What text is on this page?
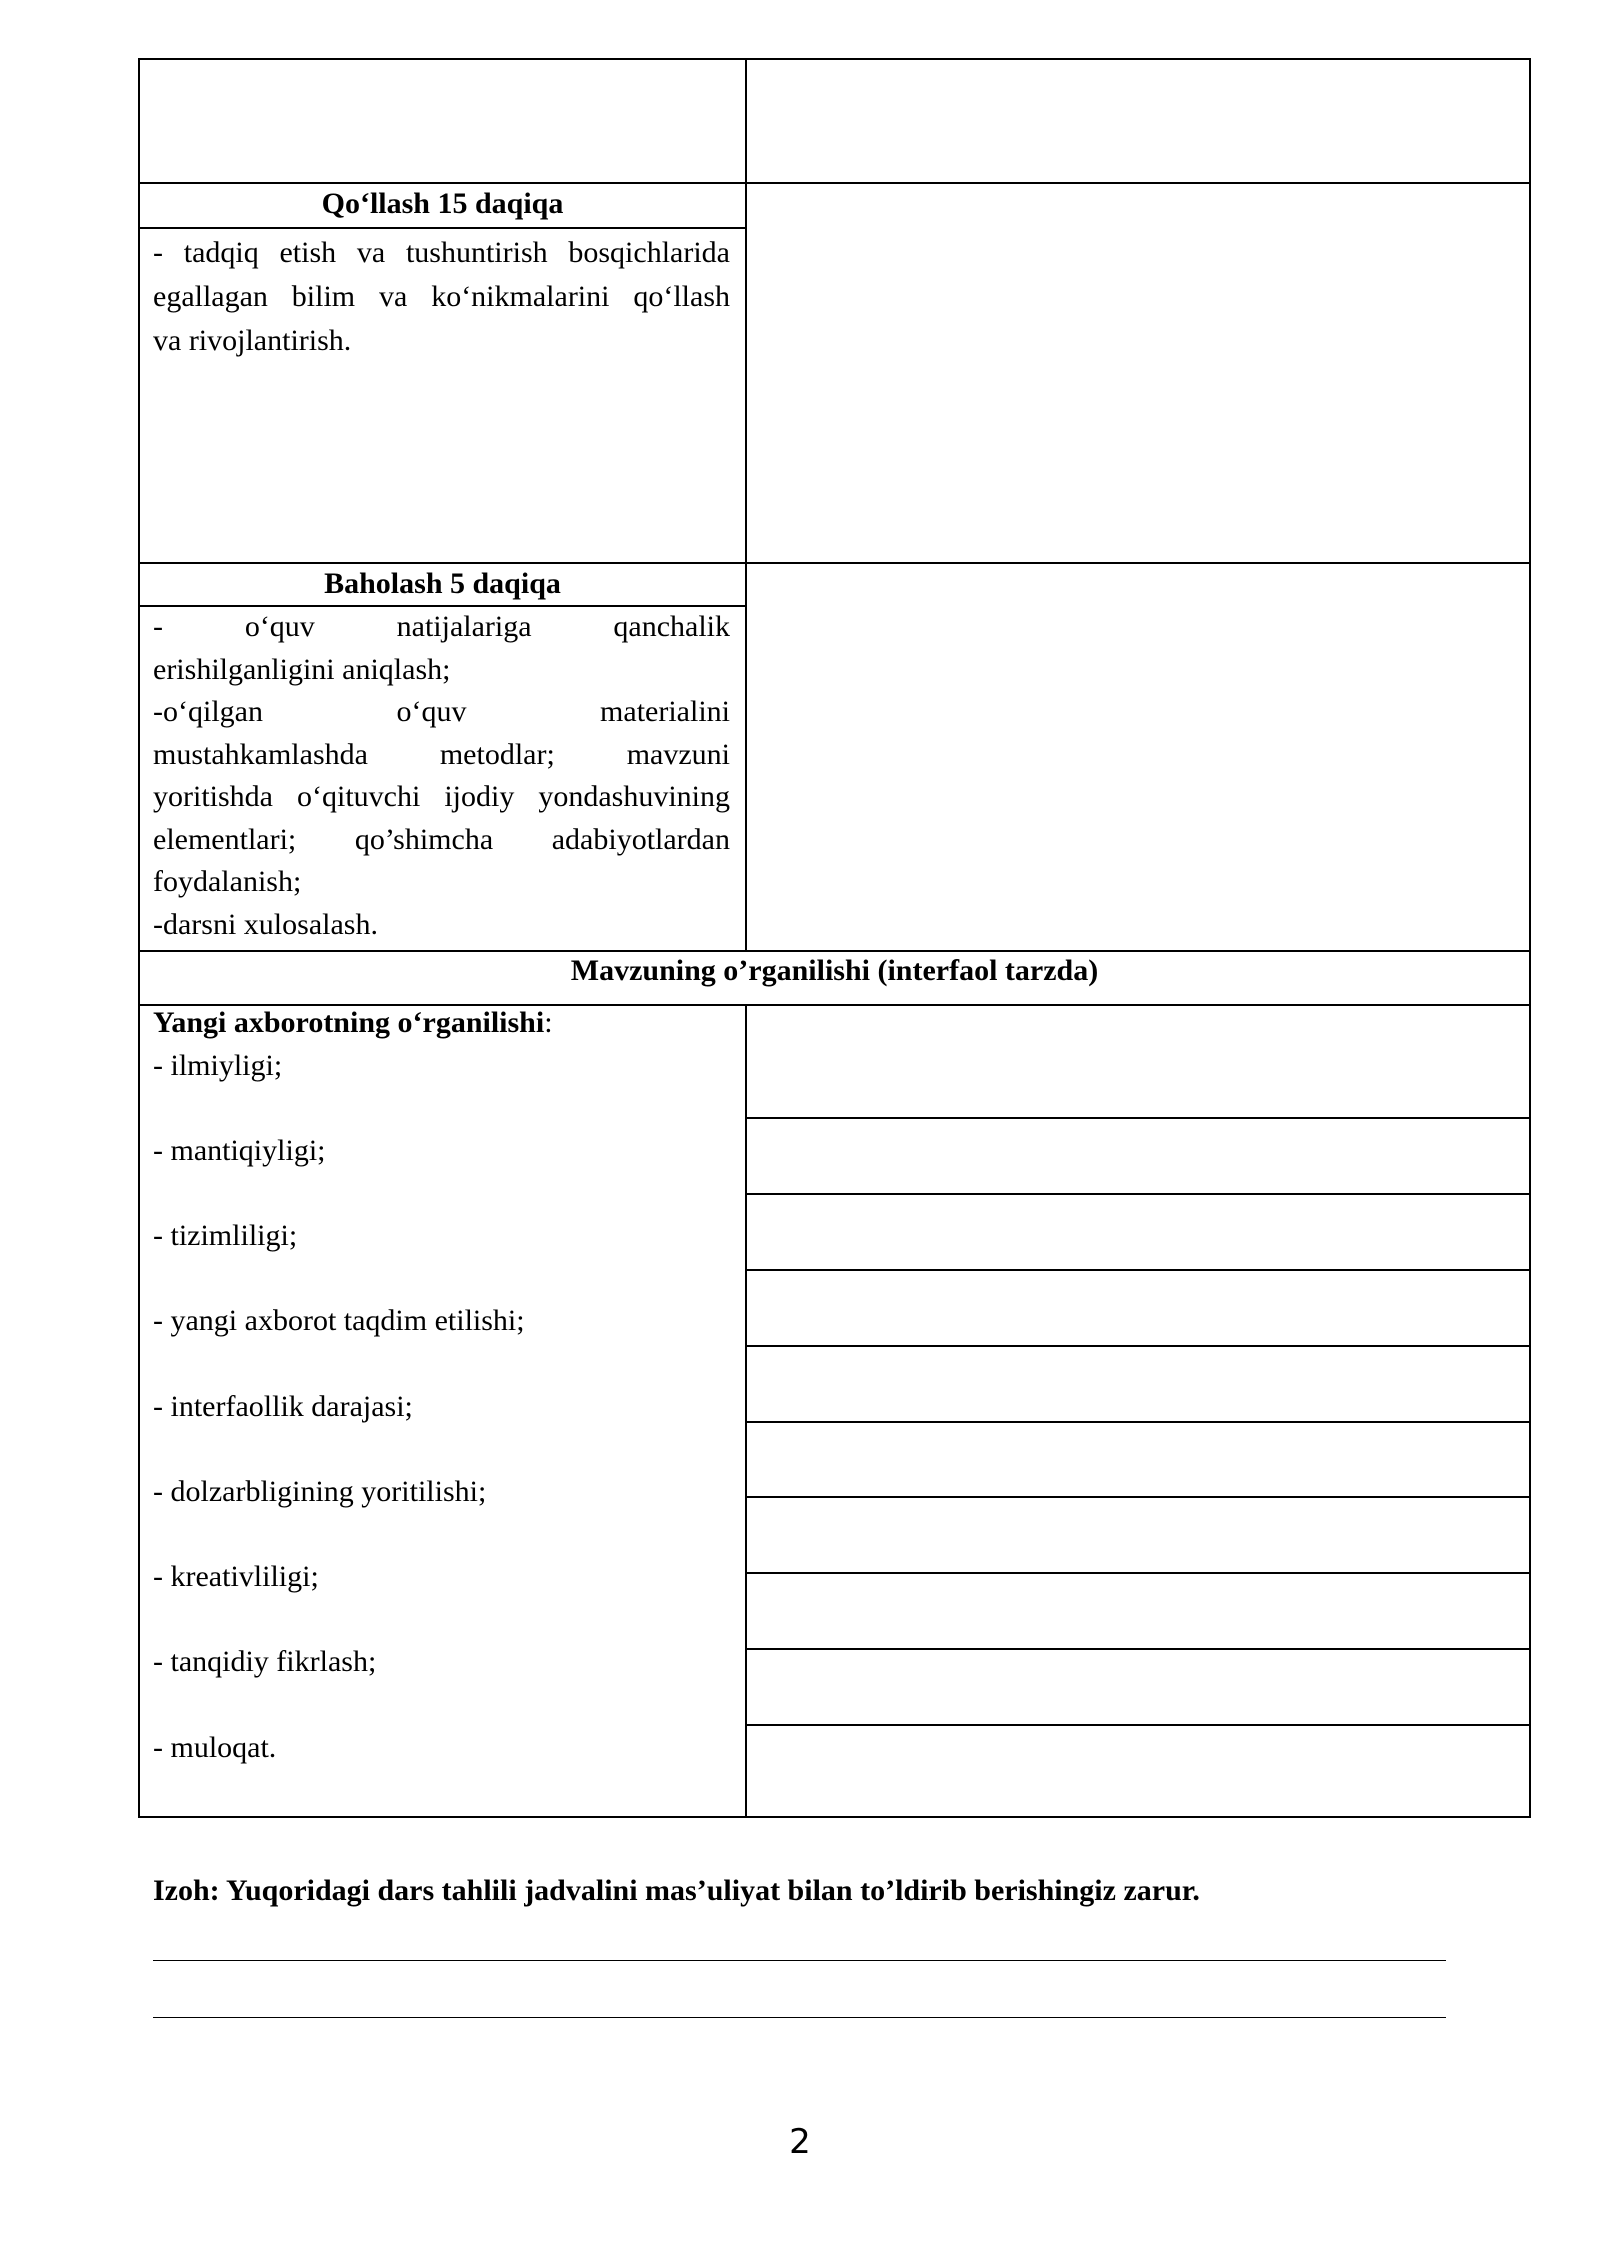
Qo‘llash 15 daqiqa
- tadqiq etish va tushuntirish bosqichlarida
egallagan bilim va ko‘nikmalarini qo‘llash
va rivojlantirish.
Baholash 5 daqiqa
- o‘quv natijalariga qanchalik
erishilganligini aniqlash;
-o‘qilgan o‘quv materialini
mustahkamlashda metodlar; mavzuni
yoritishda o‘qituvchi ijodiy yondashuvining
elementlari; qo’shimcha adabiyotlardan
foydalanish;
-darsni xulosalash.
Mavzuning o’rganilishi (interfaol tarzda)
Yangi axborotning o‘rganilishi:
- ilmiyligi;
- mantiqiyligi;
- tizimliligi;
- yangi axborot taqdim etilishi;
- interfaollik darajasi;
- dolzarbligining yoritilishi;
- kreativliligi;
- tanqidiy fikrlash;
- muloqat.
Izoh: Yuqoridagi dars tahlili jadvalini mas’uliyat bilan to’ldirib berishingiz zarur.
2
